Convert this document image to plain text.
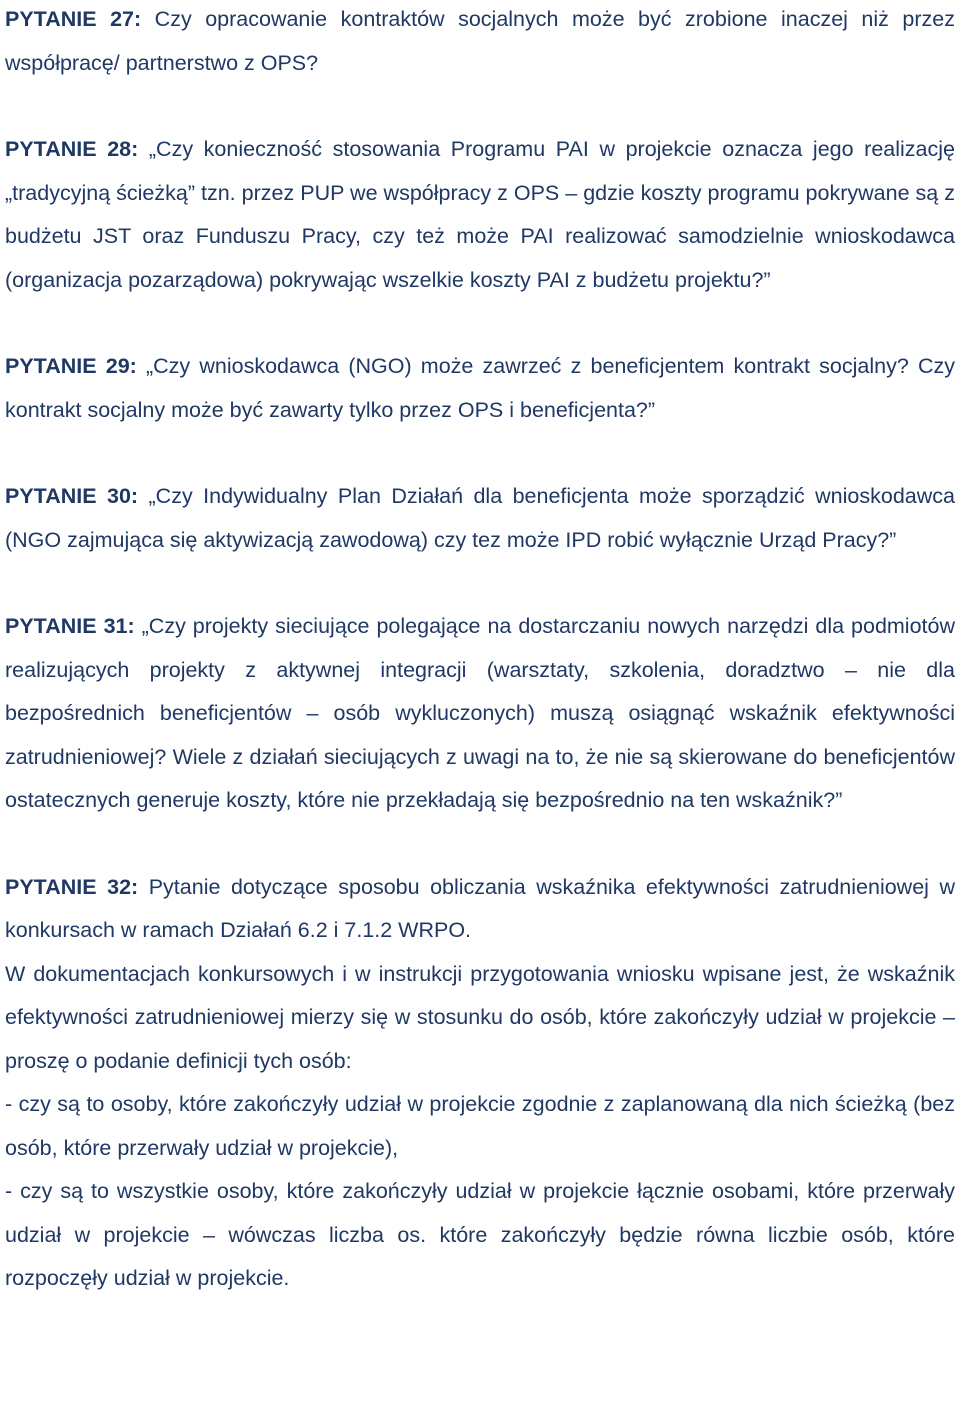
PYTANIE 27: Czy opracowanie kontraktów socjalnych może być zrobione inaczej niż przez współpracę/ partnerstwo z OPS?

PYTANIE 28: „Czy konieczność stosowania Programu PAI w projekcie oznacza jego realizację „tradycyjną ścieżką” tzn. przez PUP we współpracy z OPS – gdzie koszty programu pokrywane są z budżetu JST oraz Funduszu Pracy, czy też może PAI realizować samodzielnie wnioskodawca (organizacja pozarządowa) pokrywając wszelkie koszty PAI z budżetu projektu?”

PYTANIE 29: „Czy wnioskodawca (NGO) może zawrzeć z beneficjentem kontrakt socjalny? Czy kontrakt socjalny może być zawarty tylko przez OPS i beneficjenta?”

PYTANIE 30: „Czy Indywidualny Plan Działań dla beneficjenta może sporządzić wnioskodawca (NGO zajmująca się aktywizacją zawodową) czy tez może IPD robić wyłącznie Urząd Pracy?”

PYTANIE 31: „Czy projekty sieciujące polegające na dostarczaniu nowych narzędzi dla podmiotów realizujących projekty z aktywnej integracji (warsztaty, szkolenia, doradztwo – nie dla bezpośrednich beneficjentów – osób wykluczonych) muszą osiągnąć wskaźnik efektywności zatrudnieniowej? Wiele z działań sieciujących z uwagi na to, że nie są skierowane do beneficjentów ostatecznych generuje koszty, które nie przekładają się bezpośrednio na ten wskaźnik?”

PYTANIE 32: Pytanie dotyczące sposobu obliczania wskaźnika efektywności zatrudnieniowej w konkursach w ramach Działań 6.2 i 7.1.2 WRPO.

W dokumentacjach konkursowych i w instrukcji przygotowania wniosku wpisane jest, że wskaźnik efektywności zatrudnieniowej mierzy się w stosunku do osób, które zakończyły udział w projekcie – proszę o podanie definicji tych osób:

- czy są to osoby, które zakończyły udział w projekcie zgodnie z zaplanowaną dla nich ścieżką (bez osób, które przerwały udział w projekcie),

- czy są to wszystkie osoby, które zakończyły udział w projekcie łącznie osobami, które przerwały udział w projekcie – wówczas liczba os. które zakończyły będzie równa liczbie osób, które rozpoczęły udział w projekcie.
